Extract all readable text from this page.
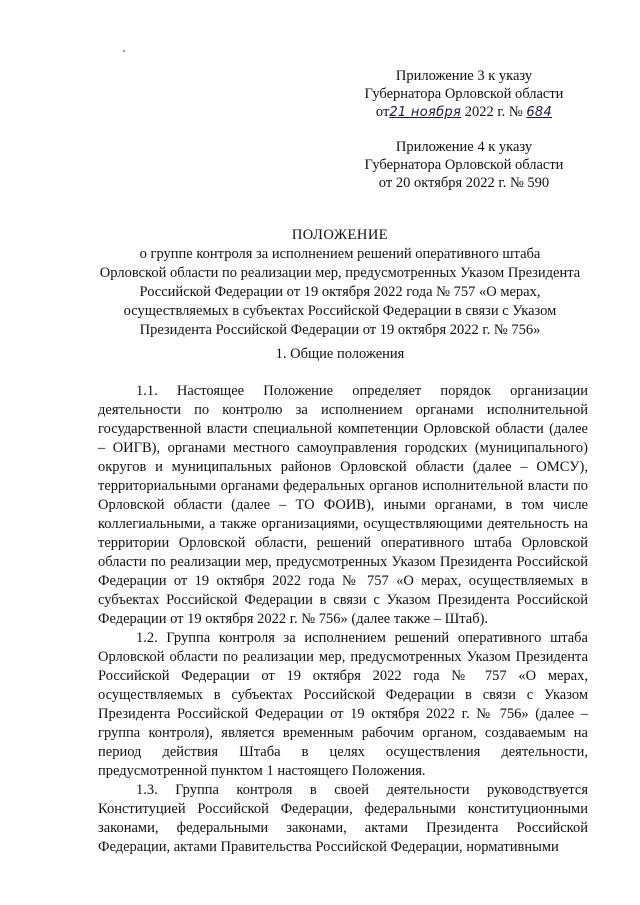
Приложение 3 к указу
Губернатора Орловской области
от21 ноября 2022 г. № 684
Приложение 4 к указу
Губернатора Орловской области
от 20 октября 2022 г. № 590
ПОЛОЖЕНИЕ
о группе контроля за исполнением решений оперативного штаба
Орловской области по реализации мер, предусмотренных Указом Президента
Российской Федерации от 19 октября 2022 года № 757 «О мерах,
осуществляемых в субъектах Российской Федерации в связи с Указом
Президента Российской Федерации от 19 октября 2022 г. № 756»
1. Общие положения

1.1. Настоящее Положение определяет порядок организации деятельности по контролю за исполнением органами исполнительной государственной власти специальной компетенции Орловской области (далее – ОИГВ), органами местного самоуправления городских (муниципального) округов и муниципальных районов Орловской области (далее – ОМСУ), территориальными органами федеральных органов исполнительной власти по Орловской области (далее – ТО ФОИВ), иными органами, в том числе коллегиальными, а также организациями, осуществляющими деятельность на территории Орловской области, решений оперативного штаба Орловской области по реализации мер, предусмотренных Указом Президента Российской Федерации от 19 октября 2022 года № 757 «О мерах, осуществляемых в субъектах Российской Федерации в связи с Указом Президента Российской Федерации от 19 октября 2022 г. № 756» (далее также – Штаб).

1.2. Группа контроля за исполнением решений оперативного штаба Орловской области по реализации мер, предусмотренных Указом Президента Российской Федерации от 19 октября 2022 года № 757 «О мерах, осуществляемых в субъектах Российской Федерации в связи с Указом Президента Российской Федерации от 19 октября 2022 г. № 756» (далее – группа контроля), является временным рабочим органом, создаваемым на период действия Штаба в целях осуществления деятельности, предусмотренной пунктом 1 настоящего Положения.

1.3. Группа контроля в своей деятельности руководствуется Конституцией Российской Федерации, федеральными конституционными законами, федеральными законами, актами Президента Российской Федерации, актами Правительства Российской Федерации, нормативными
